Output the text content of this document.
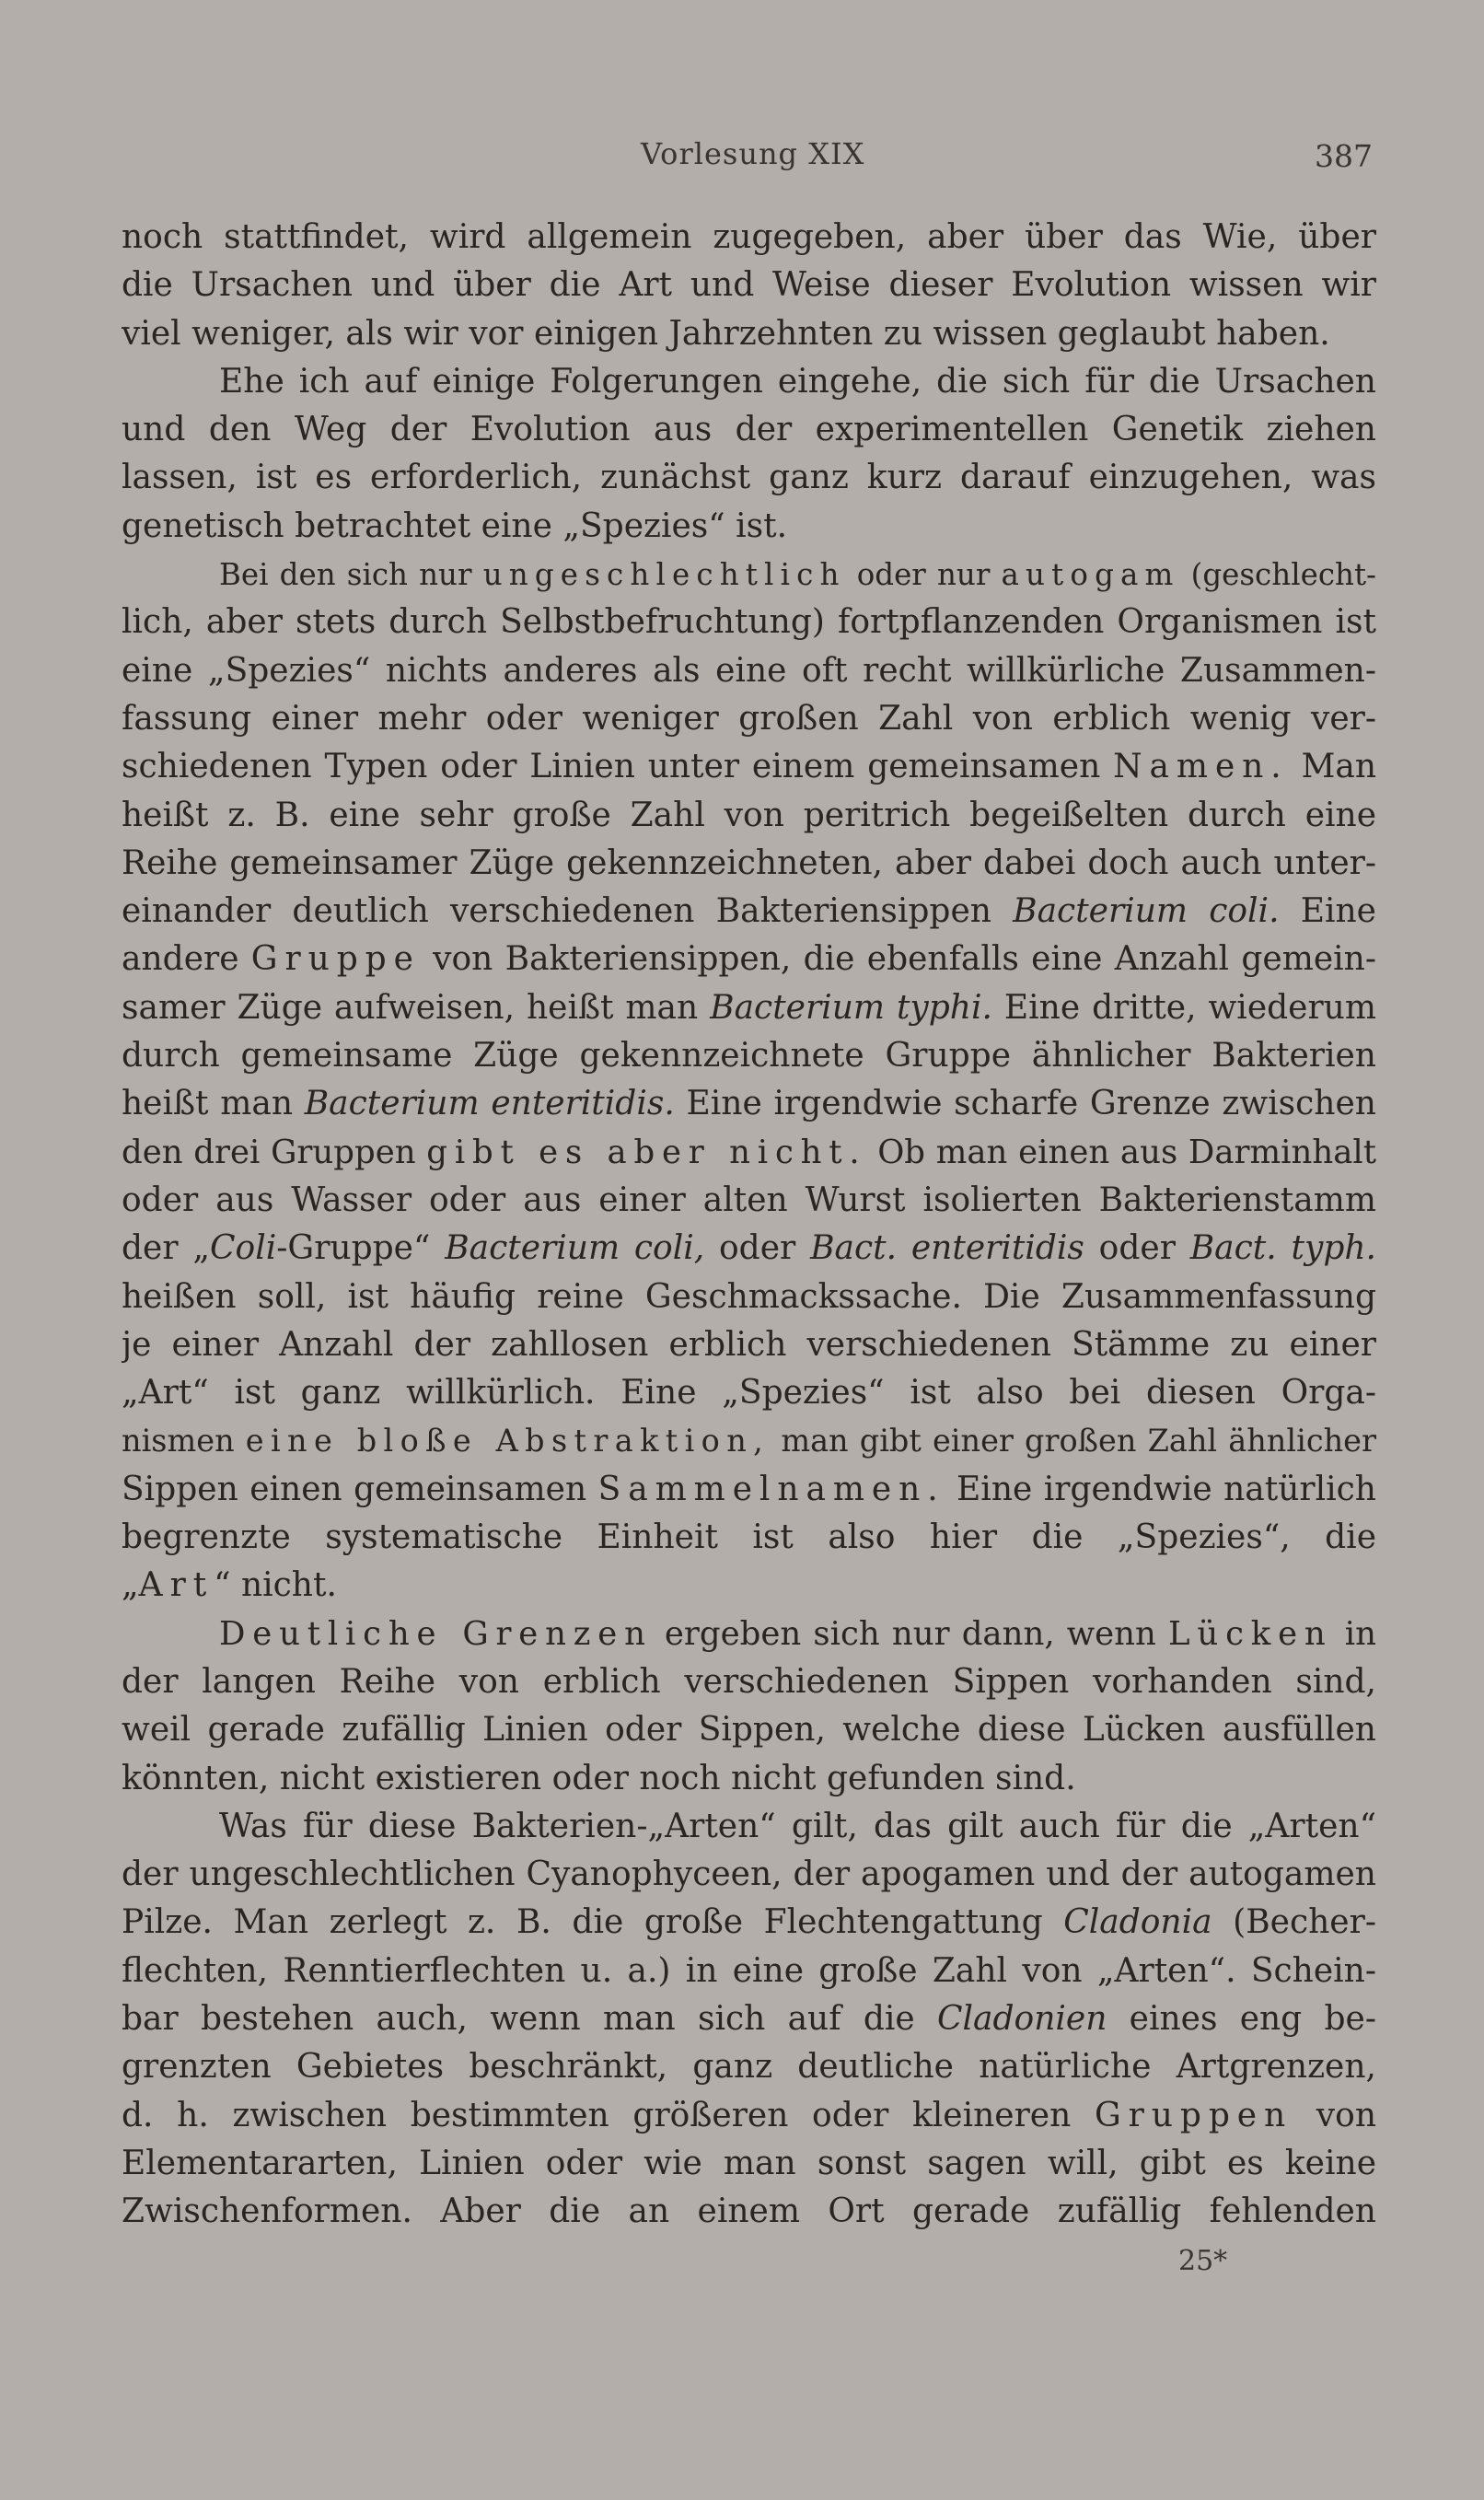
Vorlesung XIX	387
noch stattfindet, wird allgemein zugegeben, aber über das Wie, über
die Ursachen und über die Art und Weise dieser Evolution wissen wir
viel weniger, als wir vor einigen Jahrzehnten zu wissen geglaubt haben.
Ehe ich auf einige Folgerungen eingehe, die sich für die Ursachen
und den Weg der Evolution aus der experimentellen Genetik ziehen
lassen, ist es erforderlich, zunächst ganz kurz darauf einzugehen, was
genetisch betrachtet eine „Spezies“ ist.
Bei den sich nur ungeschlechtlich oder nur autogam (geschlecht-
lich, aber stets durch Selbstbefruchtung) fortpflanzenden Organismen ist
eine „Spezies“ nichts anderes als eine oft recht willkürliche Zusammen-
fassung einer mehr oder weniger großen Zahl von erblich wenig ver-
schiedenen Typen oder Linien unter einem gemeinsamen Namen. Man
heißt z. B. eine sehr große Zahl von peritrich begeißelten durch eine
Reihe gemeinsamer Züge gekennzeichneten, aber dabei doch auch unter-
einander deutlich verschiedenen Bakteriensippen Bacterium coli. Eine
andere Gruppe von Bakteriensippen, die ebenfalls eine Anzahl gemein-
samer Züge aufweisen, heißt man Bacterium typhi. Eine dritte, wiederum
durch gemeinsame Züge gekennzeichnete Gruppe ähnlicher Bakterien
heißt man Bacterium enteritidis. Eine irgendwie scharfe Grenze zwischen
den drei Gruppen gibt es aber nicht. Ob man einen aus Darminhalt
oder aus Wasser oder aus einer alten Wurst isolierten Bakterienstamm
der „Coli-Gruppe“ Bacterium coli, oder Bact. enteritidis oder Bact. typh.
heißen soll, ist häufig reine Geschmackssache. Die Zusammenfassung
je einer Anzahl der zahllosen erblich verschiedenen Stämme zu einer
„Art“ ist ganz willkürlich. Eine „Spezies“ ist also bei diesen Orga-
nismen eine bloße Abstraktion, man gibt einer großen Zahl ähnlicher
Sippen einen gemeinsamen Sammelnamen. Eine irgendwie natürlich
begrenzte systematische Einheit ist also hier die „Spezies“, die
„Art“ nicht.
Deutliche Grenzen ergeben sich nur dann, wenn Lücken in
der langen Reihe von erblich verschiedenen Sippen vorhanden sind,
weil gerade zufällig Linien oder Sippen, welche diese Lücken ausfüllen
könnten, nicht existieren oder noch nicht gefunden sind.
Was für diese Bakterien-„Arten“ gilt, das gilt auch für die „Arten“
der ungeschlechtlichen Cyanophyceen, der apogamen und der autogamen
Pilze. Man zerlegt z. B. die große Flechtengattung Cladonia (Becher-
flechten, Renntierflechten u. a.) in eine große Zahl von „Arten“. Schein-
bar bestehen auch, wenn man sich auf die Cladonien eines eng be-
grenzten Gebietes beschränkt, ganz deutliche natürliche Artgrenzen,
d. h. zwischen bestimmten größeren oder kleineren Gruppen von
Elementararten, Linien oder wie man sonst sagen will, gibt es keine
Zwischenformen. Aber die an einem Ort gerade zufällig fehlenden
25*
